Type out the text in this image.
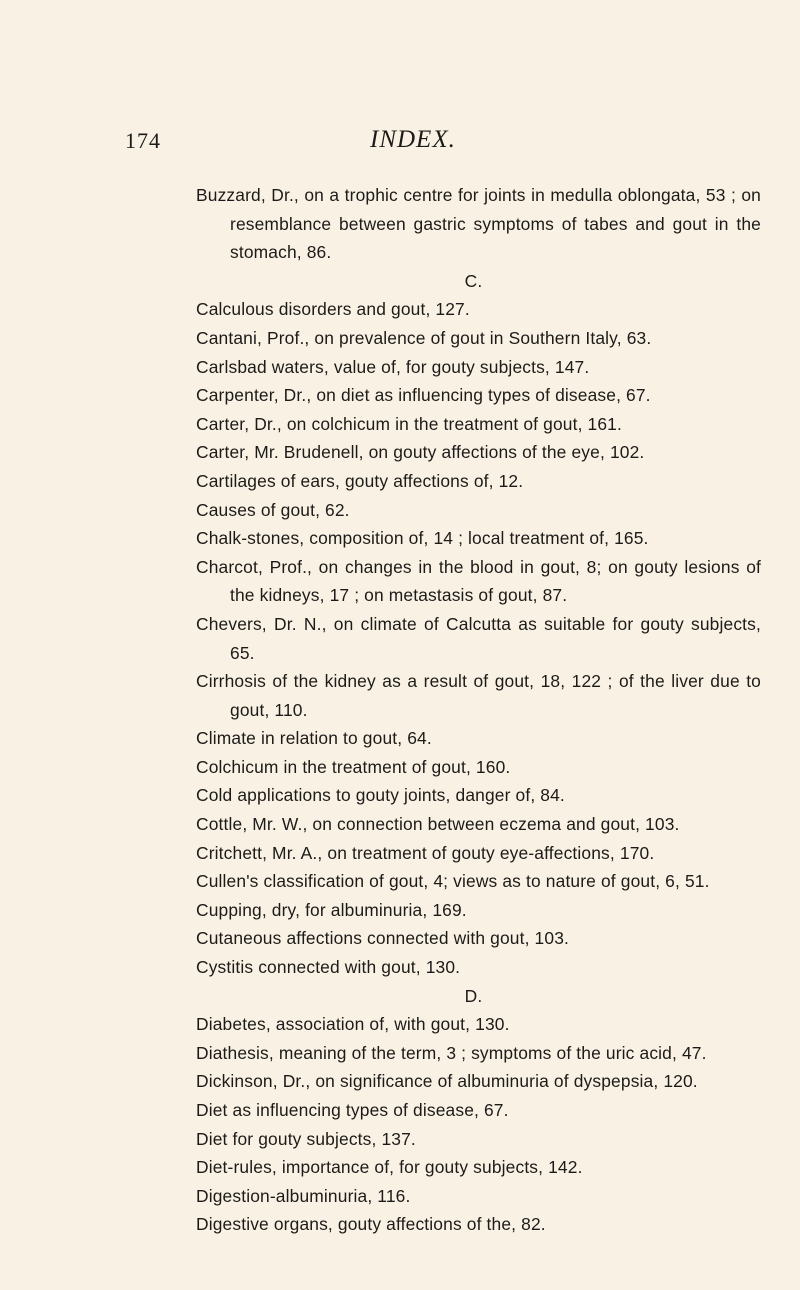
174	INDEX.

Buzzard, Dr., on a trophic centre for joints in medulla oblongata, 53 ; on resemblance between gastric symptoms of tabes and gout in the stomach, 86.

C.

Calculous disorders and gout, 127.

Cantani, Prof., on prevalence of gout in Southern Italy, 63.

Carlsbad waters, value of, for gouty subjects, 147.

Carpenter, Dr., on diet as influencing types of disease, 67.

Carter, Dr., on colchicum in the treatment of gout, 161.

Carter, Mr. Brudenell, on gouty affections of the eye, 102.

Cartilages of ears, gouty affections of, 12.

Causes of gout, 62.

Chalk-stones, composition of, 14 ; local treatment of, 165.

Charcot, Prof., on changes in the blood in gout, 8; on gouty lesions of the kidneys, 17 ; on metastasis of gout, 87.

Chevers, Dr. N., on climate of Calcutta as suitable for gouty subjects, 65.

Cirrhosis of the kidney as a result of gout, 18, 122 ; of the liver due to gout, 110.

Climate in relation to gout, 64.

Colchicum in the treatment of gout, 160.

Cold applications to gouty joints, danger of, 84.

Cottle, Mr. W., on connection between eczema and gout, 103.

Critchett, Mr. A., on treatment of gouty eye-affections, 170.

Cullen's classification of gout, 4; views as to nature of gout, 6, 51.

Cupping, dry, for albuminuria, 169.

Cutaneous affections connected with gout, 103.

Cystitis connected with gout, 130.

D.

Diabetes, association of, with gout, 130.

Diathesis, meaning of the term, 3 ; symptoms of the uric acid, 47.

Dickinson, Dr., on significance of albuminuria of dyspepsia, 120.

Diet as influencing types of disease, 67.

Diet for gouty subjects, 137.

Diet-rules, importance of, for gouty subjects, 142.

Digestion-albuminuria, 116.

Digestive organs, gouty affections of the, 82.
